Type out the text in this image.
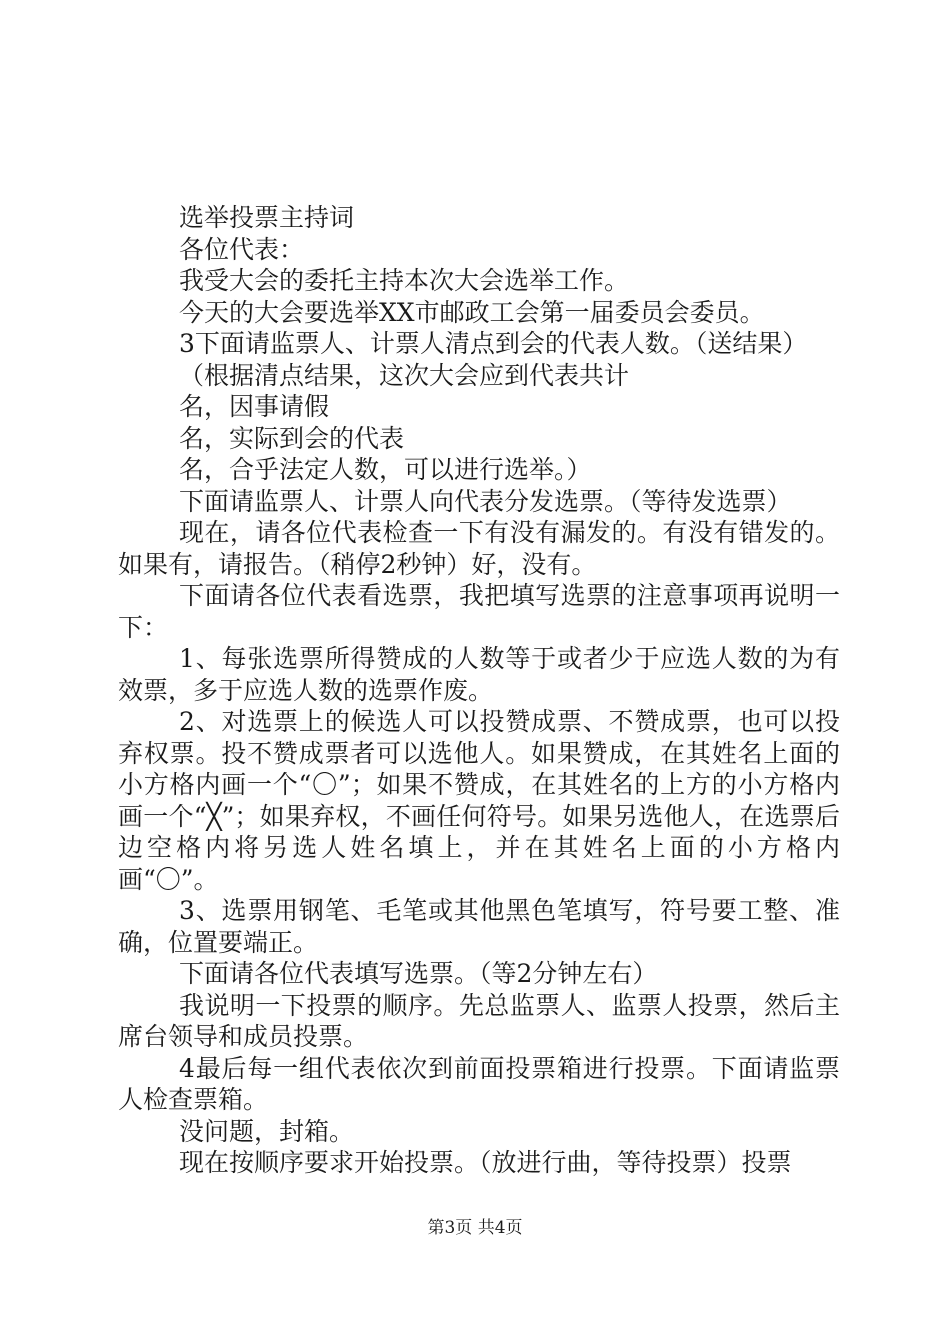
选举投票主持词

各位代表：

我受大会的委托主持本次大会选举工作。

今天的大会要选举XX市邮政工会第一届委员会委员。

3下面请监票人、计票人清点到会的代表人数。（送结果）

（根据清点结果，这次大会应到代表共计

名，因事请假

名，实际到会的代表

名，合乎法定人数，可以进行选举。）

下面请监票人、计票人向代表分发选票。（等待发选票）

现在，请各位代表检查一下有没有漏发的。有没有错发的。如果有，请报告。（稍停2秒钟）好，没有。

下面请各位代表看选票，我把填写选票的注意事项再说明一下：

1、每张选票所得赞成的人数等于或者少于应选人数的为有效票，多于应选人数的选票作废。

2、对选票上的候选人可以投赞成票、不赞成票，也可以投弃权票。投不赞成票者可以选他人。如果赞成，在其姓名上面的小方格内画一个“〇”；如果不赞成，在其姓名的上方的小方格内画一个“╳”；如果弃权，不画任何符号。如果另选他人，在选票后边空格内将另选人姓名填上，并在其姓名上面的小方格内画“〇”。

3、选票用钢笔、毛笔或其他黑色笔填写，符号要工整、准确，位置要端正。

下面请各位代表填写选票。（等2分钟左右）

我说明一下投票的顺序。先总监票人、监票人投票，然后主席台领导和成员投票。

4最后每一组代表依次到前面投票箱进行投票。下面请监票人检查票箱。

没问题，封箱。

现在按顺序要求开始投票。（放进行曲，等待投票）投票

第3页 共4页
